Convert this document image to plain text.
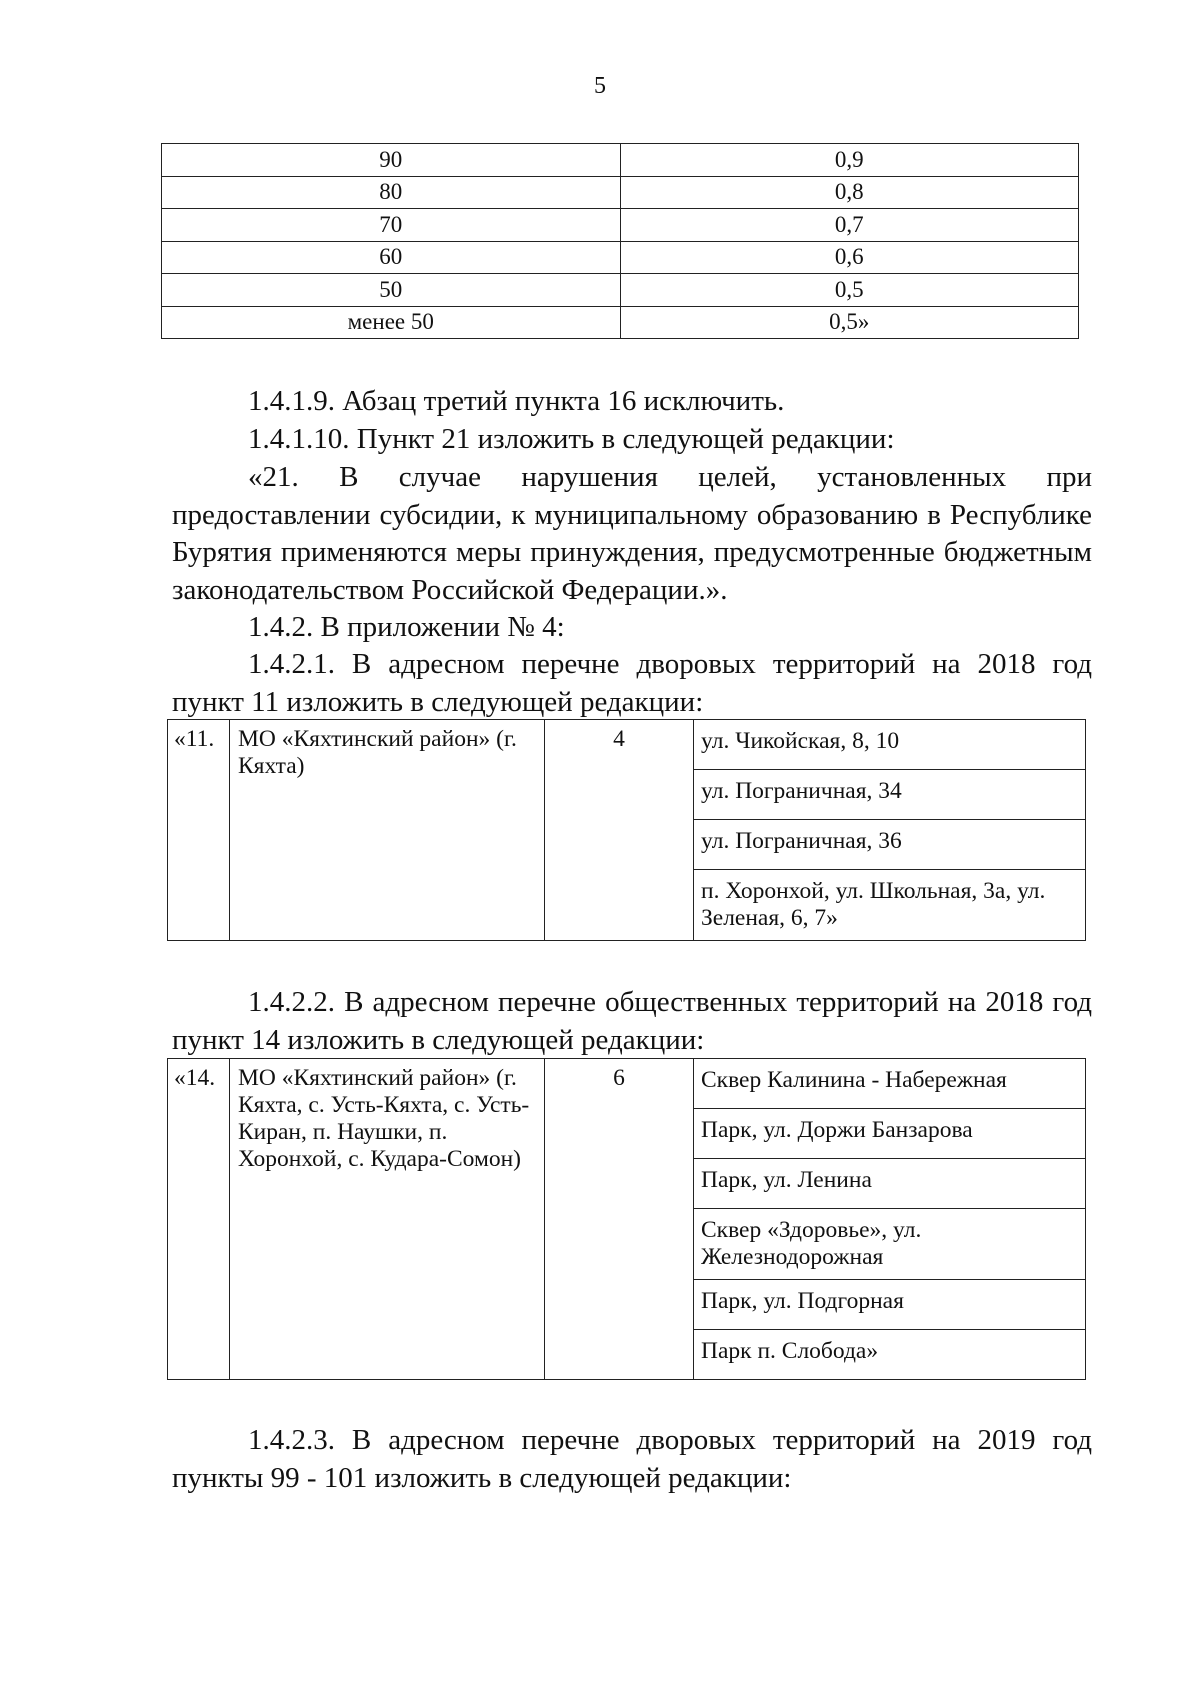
5
90	0,9
80	0,8
70	0,7
60	0,6
50	0,5
менее 50	0,5»

1.4.1.9. Абзац третий пункта 16 исключить.

1.4.1.10. Пункт 21 изложить в следующей редакции:

«21. В случае нарушения целей, установленных при предоставлении субсидии, к муниципальному образованию в Республике Бурятия применяются меры принуждения, предусмотренные бюджетным законодательством Российской Федерации.».

1.4.2. В приложении № 4:

1.4.2.1. В адресном перечне дворовых территорий на 2018 год пункт 11 изложить в следующей редакции:

«11.	МО «Кяхтинский район» (г. Кяхта)	4	ул. Чикойская, 8, 10
ул. Пограничная, 34
ул. Пограничная, 36
п. Хоронхой, ул. Школьная, 3а, ул. Зеленая, 6, 7»

1.4.2.2. В адресном перечне общественных территорий на 2018 год пункт 14 изложить в следующей редакции:

«14.	МО «Кяхтинский район» (г. Кяхта, с. Усть-Кяхта, с. Усть-Киран, п. Наушки, п. Хоронхой, с. Кудара-Сомон)	6	Сквер Калинина - Набережная
Парк, ул. Доржи Банзарова
Парк, ул. Ленина
Сквер «Здоровье», ул. Железнодорожная
Парк, ул. Подгорная
Парк п. Слобода»

1.4.2.3. В адресном перечне дворовых территорий на 2019 год пункты 99 - 101 изложить в следующей редакции:
